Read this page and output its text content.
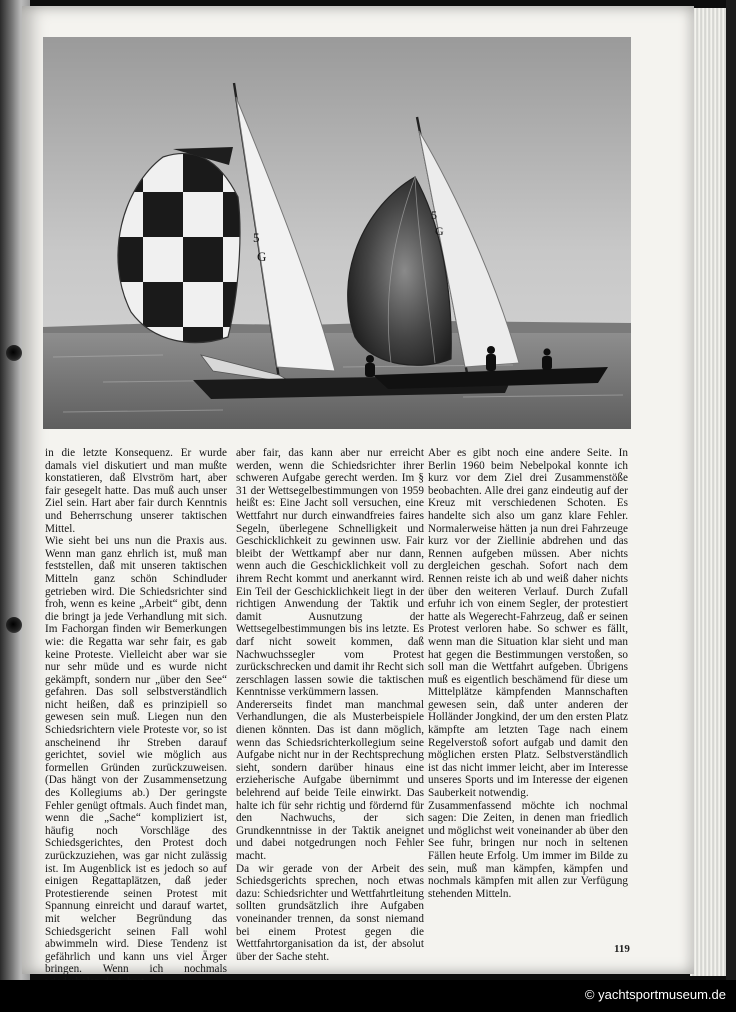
5
G
5
G

in die letzte Konsequenz. Er wurde damals viel diskutiert und man mußte konstatieren, daß Elvström hart, aber fair gesegelt hatte. Das muß auch unser Ziel sein. Hart aber fair durch Kenntnis und Beherrschung unserer taktischen Mittel.

Wie sieht bei uns nun die Praxis aus. Wenn man ganz ehrlich ist, muß man feststellen, daß mit unseren taktischen Mitteln ganz schön Schindluder getrieben wird. Die Schiedsrichter sind froh, wenn es keine „Arbeit“ gibt, denn die bringt ja jede Verhandlung mit sich. Im Fachorgan finden wir Bemerkungen wie: die Regatta war sehr fair, es gab keine Proteste. Vielleicht aber war sie nur sehr müde und es wurde nicht gekämpft, sondern nur „über den See“ gefahren. Das soll selbstverständlich nicht heißen, daß es prinzipiell so gewesen sein muß. Liegen nun den Schiedsrichtern viele Proteste vor, so ist anscheinend ihr Streben darauf gerichtet, soviel wie möglich aus formellen Gründen zurückzuweisen. (Das hängt von der Zusammensetzung des Kollegiums ab.) Der geringste Fehler genügt oftmals. Auch findet man, wenn die „Sache“ kompliziert ist, häufig noch Vorschläge des Schiedsgerichtes, den Protest doch zurückzuziehen, was gar nicht zulässig ist. Im Augenblick ist es jedoch so auf einigen Regattaplätzen, daß jeder Protestierende seinen Protest mit Spannung einreicht und darauf wartet, mit welcher Begründung das Schiedsgericht seinen Fall wohl abwimmeln wird. Diese Tendenz ist gefährlich und kann uns viel Ärger bringen. Wenn ich nochmals

aber fair, das kann aber nur erreicht werden, wenn die Schiedsrichter ihrer schweren Aufgabe gerecht werden. Im § 31 der Wettsegelbestimmungen von 1959 heißt es: Eine Jacht soll versuchen, eine Wettfahrt nur durch einwandfreies faires Segeln, überlegene Schnelligkeit und Geschicklichkeit zu gewinnen usw. Fair bleibt der Wettkampf aber nur dann, wenn auch die Geschicklichkeit voll zu ihrem Recht kommt und anerkannt wird. Ein Teil der Geschicklichkeit liegt in der richtigen Anwendung der Taktik und damit Ausnutzung der Wettsegelbestimmungen bis ins letzte. Es darf nicht soweit kommen, daß Nachwuchssegler vom Protest zurückschrecken und damit ihr Recht sich zerschlagen lassen sowie die taktischen Kenntnisse verkümmern lassen.

Andererseits findet man manchmal Verhandlungen, die als Musterbeispiele dienen könnten. Das ist dann möglich, wenn das Schiedsrichterkollegium seine Aufgabe nicht nur in der Rechtsprechung sieht, sondern darüber hinaus eine erzieherische Aufgabe übernimmt und belehrend auf beide Teile einwirkt. Das halte ich für sehr richtig und fördernd für den Nachwuchs, der sich Grundkenntnisse in der Taktik aneignet und dabei notgedrungen noch Fehler macht.

Da wir gerade von der Arbeit des Schiedsgerichts sprechen, noch etwas dazu: Schiedsrichter und Wettfahrtleitung sollten grundsätzlich ihre Aufgaben voneinander trennen, da sonst niemand bei einem Protest gegen die Wettfahrtorganisation da ist, der absolut über der Sache steht.

Aber es gibt noch eine andere Seite. In Berlin 1960 beim Nebelpokal konnte ich kurz vor dem Ziel drei Zusammenstöße beobachten. Alle drei ganz eindeutig auf der Kreuz mit verschiedenen Schoten. Es handelte sich also um ganz klare Fehler. Normalerweise hätten ja nun drei Fahrzeuge kurz vor der Ziellinie abdrehen und das Rennen aufgeben müssen. Aber nichts dergleichen geschah. Sofort nach dem Rennen reiste ich ab und weiß daher nichts über den weiteren Verlauf. Durch Zufall erfuhr ich von einem Segler, der protestiert hatte als Wegerecht-Fahrzeug, daß er seinen Protest verloren habe. So schwer es fällt, wenn man die Situation klar sieht und man hat gegen die Bestimmungen verstoßen, so soll man die Wettfahrt aufgeben. Übrigens muß es eigentlich beschämend für diese um Mittelplätze kämpfenden Mannschaften gewesen sein, daß unter anderen der Holländer Jongkind, der um den ersten Platz kämpfte am letzten Tage nach einem Regelverstoß sofort aufgab und damit den möglichen ersten Platz. Selbstverständlich ist das nicht immer leicht, aber im Interesse unseres Sports und im Interesse der eigenen Sauberkeit notwendig.

Zusammenfassend möchte ich nochmal sagen: Die Zeiten, in denen man friedlich und möglichst weit voneinander ab über den See fuhr, bringen nur noch in seltenen Fällen heute Erfolg. Um immer im Bilde zu sein, muß man kämpfen, kämpfen und nochmals kämpfen mit allen zur Verfügung stehenden Mitteln.

119
© yachtsportmuseum.de
